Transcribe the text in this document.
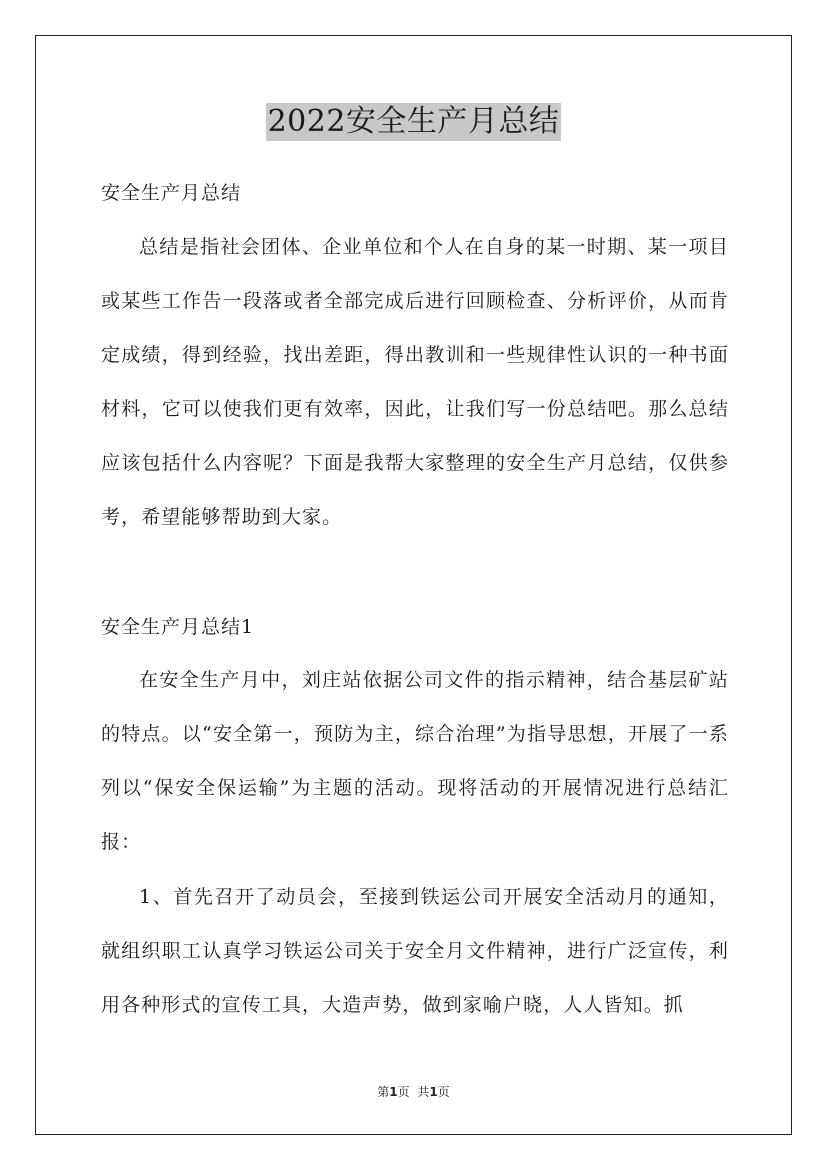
2022安全生产月总结
安全生产月总结
总结是指社会团体、企业单位和个人在自身的某一时期、某一项目或某些工作告一段落或者全部完成后进行回顾检查、分析评价，从而肯定成绩，得到经验，找出差距，得出教训和一些规律性认识的一种书面材料，它可以使我们更有效率，因此，让我们写一份总结吧。那么总结应该包括什么内容呢？下面是我帮大家整理的安全生产月总结，仅供参考，希望能够帮助到大家。
安全生产月总结1
在安全生产月中，刘庄站依据公司文件的指示精神，结合基层矿站的特点。以“安全第一，预防为主，综合治理”为指导思想，开展了一系列以“保安全保运输”为主题的活动。现将活动的开展情况进行总结汇报：
1、首先召开了动员会，至接到铁运公司开展安全活动月的通知，就组织职工认真学习铁运公司关于安全月文件精神，进行广泛宣传，利用各种形式的宣传工具，大造声势，做到家喻户晓，人人皆知。抓
第1页 共1页
